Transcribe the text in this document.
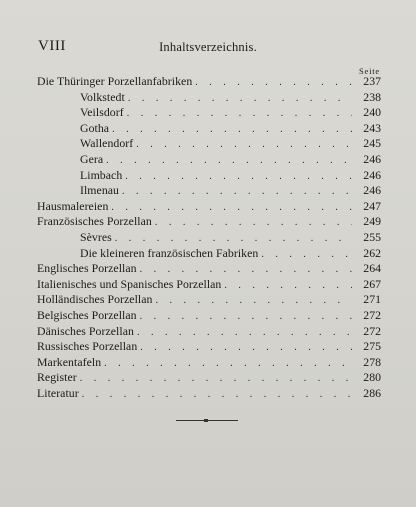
VIII	Inhaltsverzeichnis.
Seite
Die Thüringer Porzellanfabriken . . .	237
Volkstedt . . .	238
Veilsdorf . . .	240
Gotha . . .	243
Wallendorf . . .	245
Gera . . .	246
Limbach . . .	246
Ilmenau . . .	246
Hausmalereien . . .	247
Französisches Porzellan . . .	249
Sèvres . . .	255
Die kleineren französischen Fabriken . . .	262
Englisches Porzellan . . .	264
Italienisches und Spanisches Porzellan . . .	267
Holländisches Porzellan . . .	271
Belgisches Porzellan . . .	272
Dänisches Porzellan . . .	272
Russisches Porzellan . . .	275
Markentafeln . . .	278
Register . . .	280
Literatur . . .	286
